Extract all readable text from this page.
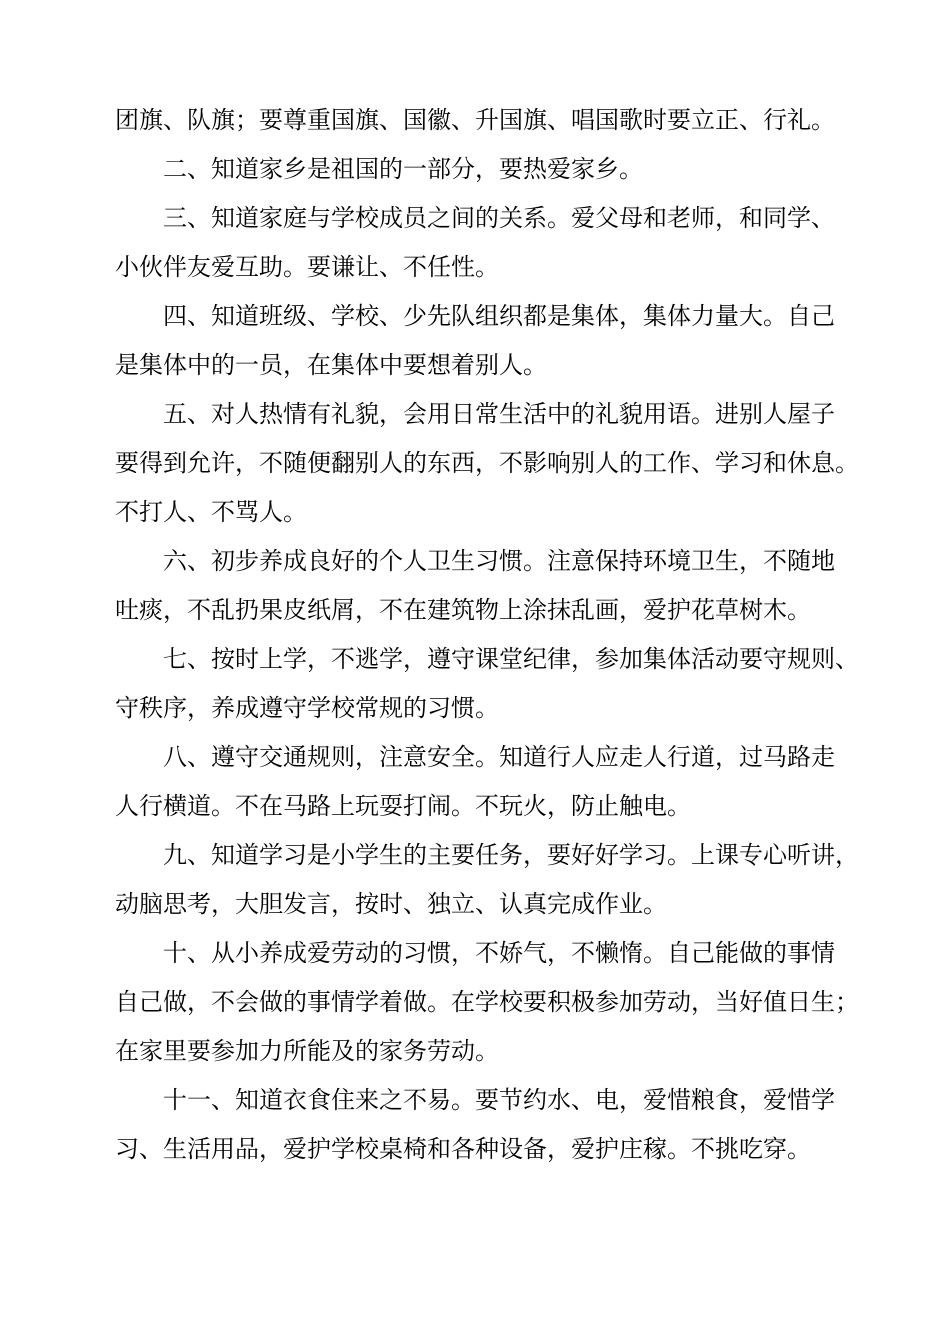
团旗、队旗；要尊重国旗、国徽、升国旗、唱国歌时要立正、行礼。
二、知道家乡是祖国的一部分，要热爱家乡。
三、知道家庭与学校成员之间的关系。爱父母和老师，和同学、
小伙伴友爱互助。要谦让、不任性。
四、知道班级、学校、少先队组织都是集体，集体力量大。自己
是集体中的一员，在集体中要想着别人。
五、对人热情有礼貌，会用日常生活中的礼貌用语。进别人屋子
要得到允许，不随便翻别人的东西，不影响别人的工作、学习和休息。
不打人、不骂人。
六、初步养成良好的个人卫生习惯。注意保持环境卫生，不随地
吐痰，不乱扔果皮纸屑，不在建筑物上涂抹乱画，爱护花草树木。
七、按时上学，不逃学，遵守课堂纪律，参加集体活动要守规则、
守秩序，养成遵守学校常规的习惯。
八、遵守交通规则，注意安全。知道行人应走人行道，过马路走
人行横道。不在马路上玩耍打闹。不玩火，防止触电。
九、知道学习是小学生的主要任务，要好好学习。上课专心听讲，
动脑思考，大胆发言，按时、独立、认真完成作业。
十、从小养成爱劳动的习惯，不娇气，不懒惰。自己能做的事情
自己做，不会做的事情学着做。在学校要积极参加劳动，当好值日生；
在家里要参加力所能及的家务劳动。
十一、知道衣食住来之不易。要节约水、电，爱惜粮食，爱惜学
习、生活用品，爱护学校桌椅和各种设备，爱护庄稼。不挑吃穿。
